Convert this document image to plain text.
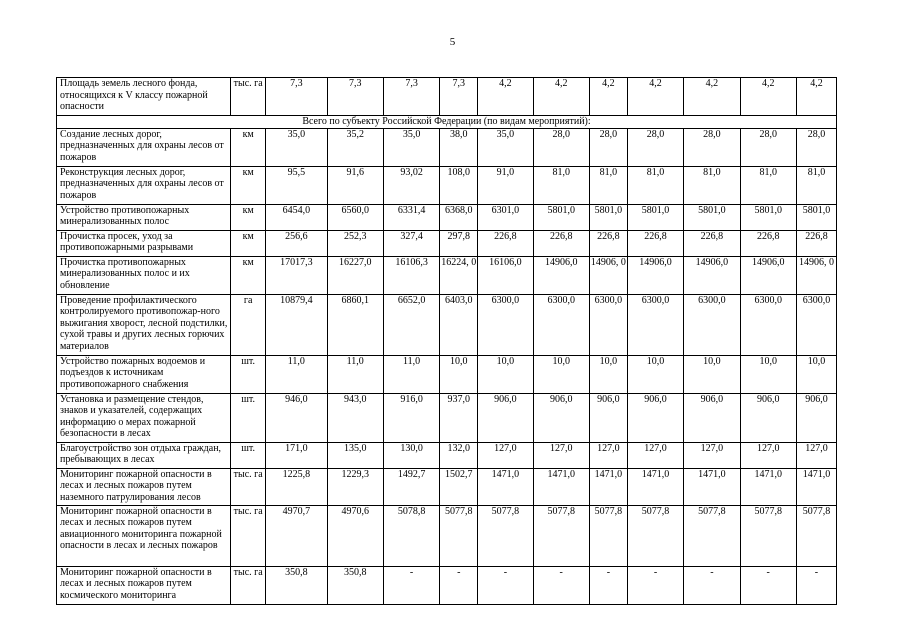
5
Площадь земель лесного фонда, относящихся к V классу пожарной опасности	тыс. га	7,3	7,3	7,3	7,3	4,2	4,2	4,2	4,2	4,2	4,2	4,2
Всего по субъекту Российской Федерации (по видам мероприятий):												
Создание лесных дорог, предназначенных для охраны лесов от пожаров	км	35,0	35,2	35,0	38,0	35,0	28,0	28,0	28,0	28,0	28,0	28,0
Реконструкция лесных дорог, предназначенных для охраны лесов от пожаров	км	95,5	91,6	93,02	108,0	91,0	81,0	81,0	81,0	81,0	81,0	81,0
Устройство противопожарных минерализованных полос	км	6454,0	6560,0	6331,4	6368,0	6301,0	5801,0	5801,0	5801,0	5801,0	5801,0	5801,0
Прочистка просек, уход за противопожарными разрывами	км	256,6	252,3	327,4	297,8	226,8	226,8	226,8	226,8	226,8	226,8	226,8
Прочистка противопожарных минерализованных полос и их обновление	км	17017,3	16227,0	16106,3	16224, 0	16106,0	14906,0	14906, 0	14906,0	14906,0	14906,0	14906, 0
Проведение профилактического контролируемого противопожар-ного выжигания хворост, лесной подстилки, сухой травы и других лесных горючих материалов	га	10879,4	6860,1	6652,0	6403,0	6300,0	6300,0	6300,0	6300,0	6300,0	6300,0	6300,0
Устройство пожарных водоемов и подъездов к источникам противопожарного снабжения	шт.	11,0	11,0	11,0	10,0	10,0	10,0	10,0	10,0	10,0	10,0	10,0
Установка и размещение стендов, знаков и указателей, содержащих информацию о мерах пожарной безопасности в лесах	шт.	946,0	943,0	916,0	937,0	906,0	906,0	906,0	906,0	906,0	906,0	906,0
Благоустройство зон отдыха граждан, пребывающих в лесах	шт.	171,0	135,0	130,0	132,0	127,0	127,0	127,0	127,0	127,0	127,0	127,0
Мониторинг пожарной опасности в лесах и лесных пожаров путем наземного патрулирования лесов	тыс. га	1225,8	1229,3	1492,7	1502,7	1471,0	1471,0	1471,0	1471,0	1471,0	1471,0	1471,0
Мониторинг пожарной опасности в лесах и лесных пожаров путем авиационного мониторинга пожарной опасности в лесах и лесных пожаров	тыс. га	4970,7	4970,6	5078,8	5077,8	5077,8	5077,8	5077,8	5077,8	5077,8	5077,8	5077,8
Мониторинг пожарной опасности в лесах и лесных пожаров путем космического мониторинга	тыс. га	350,8	350,8	-	-	-	-	-	-	-	-	-
